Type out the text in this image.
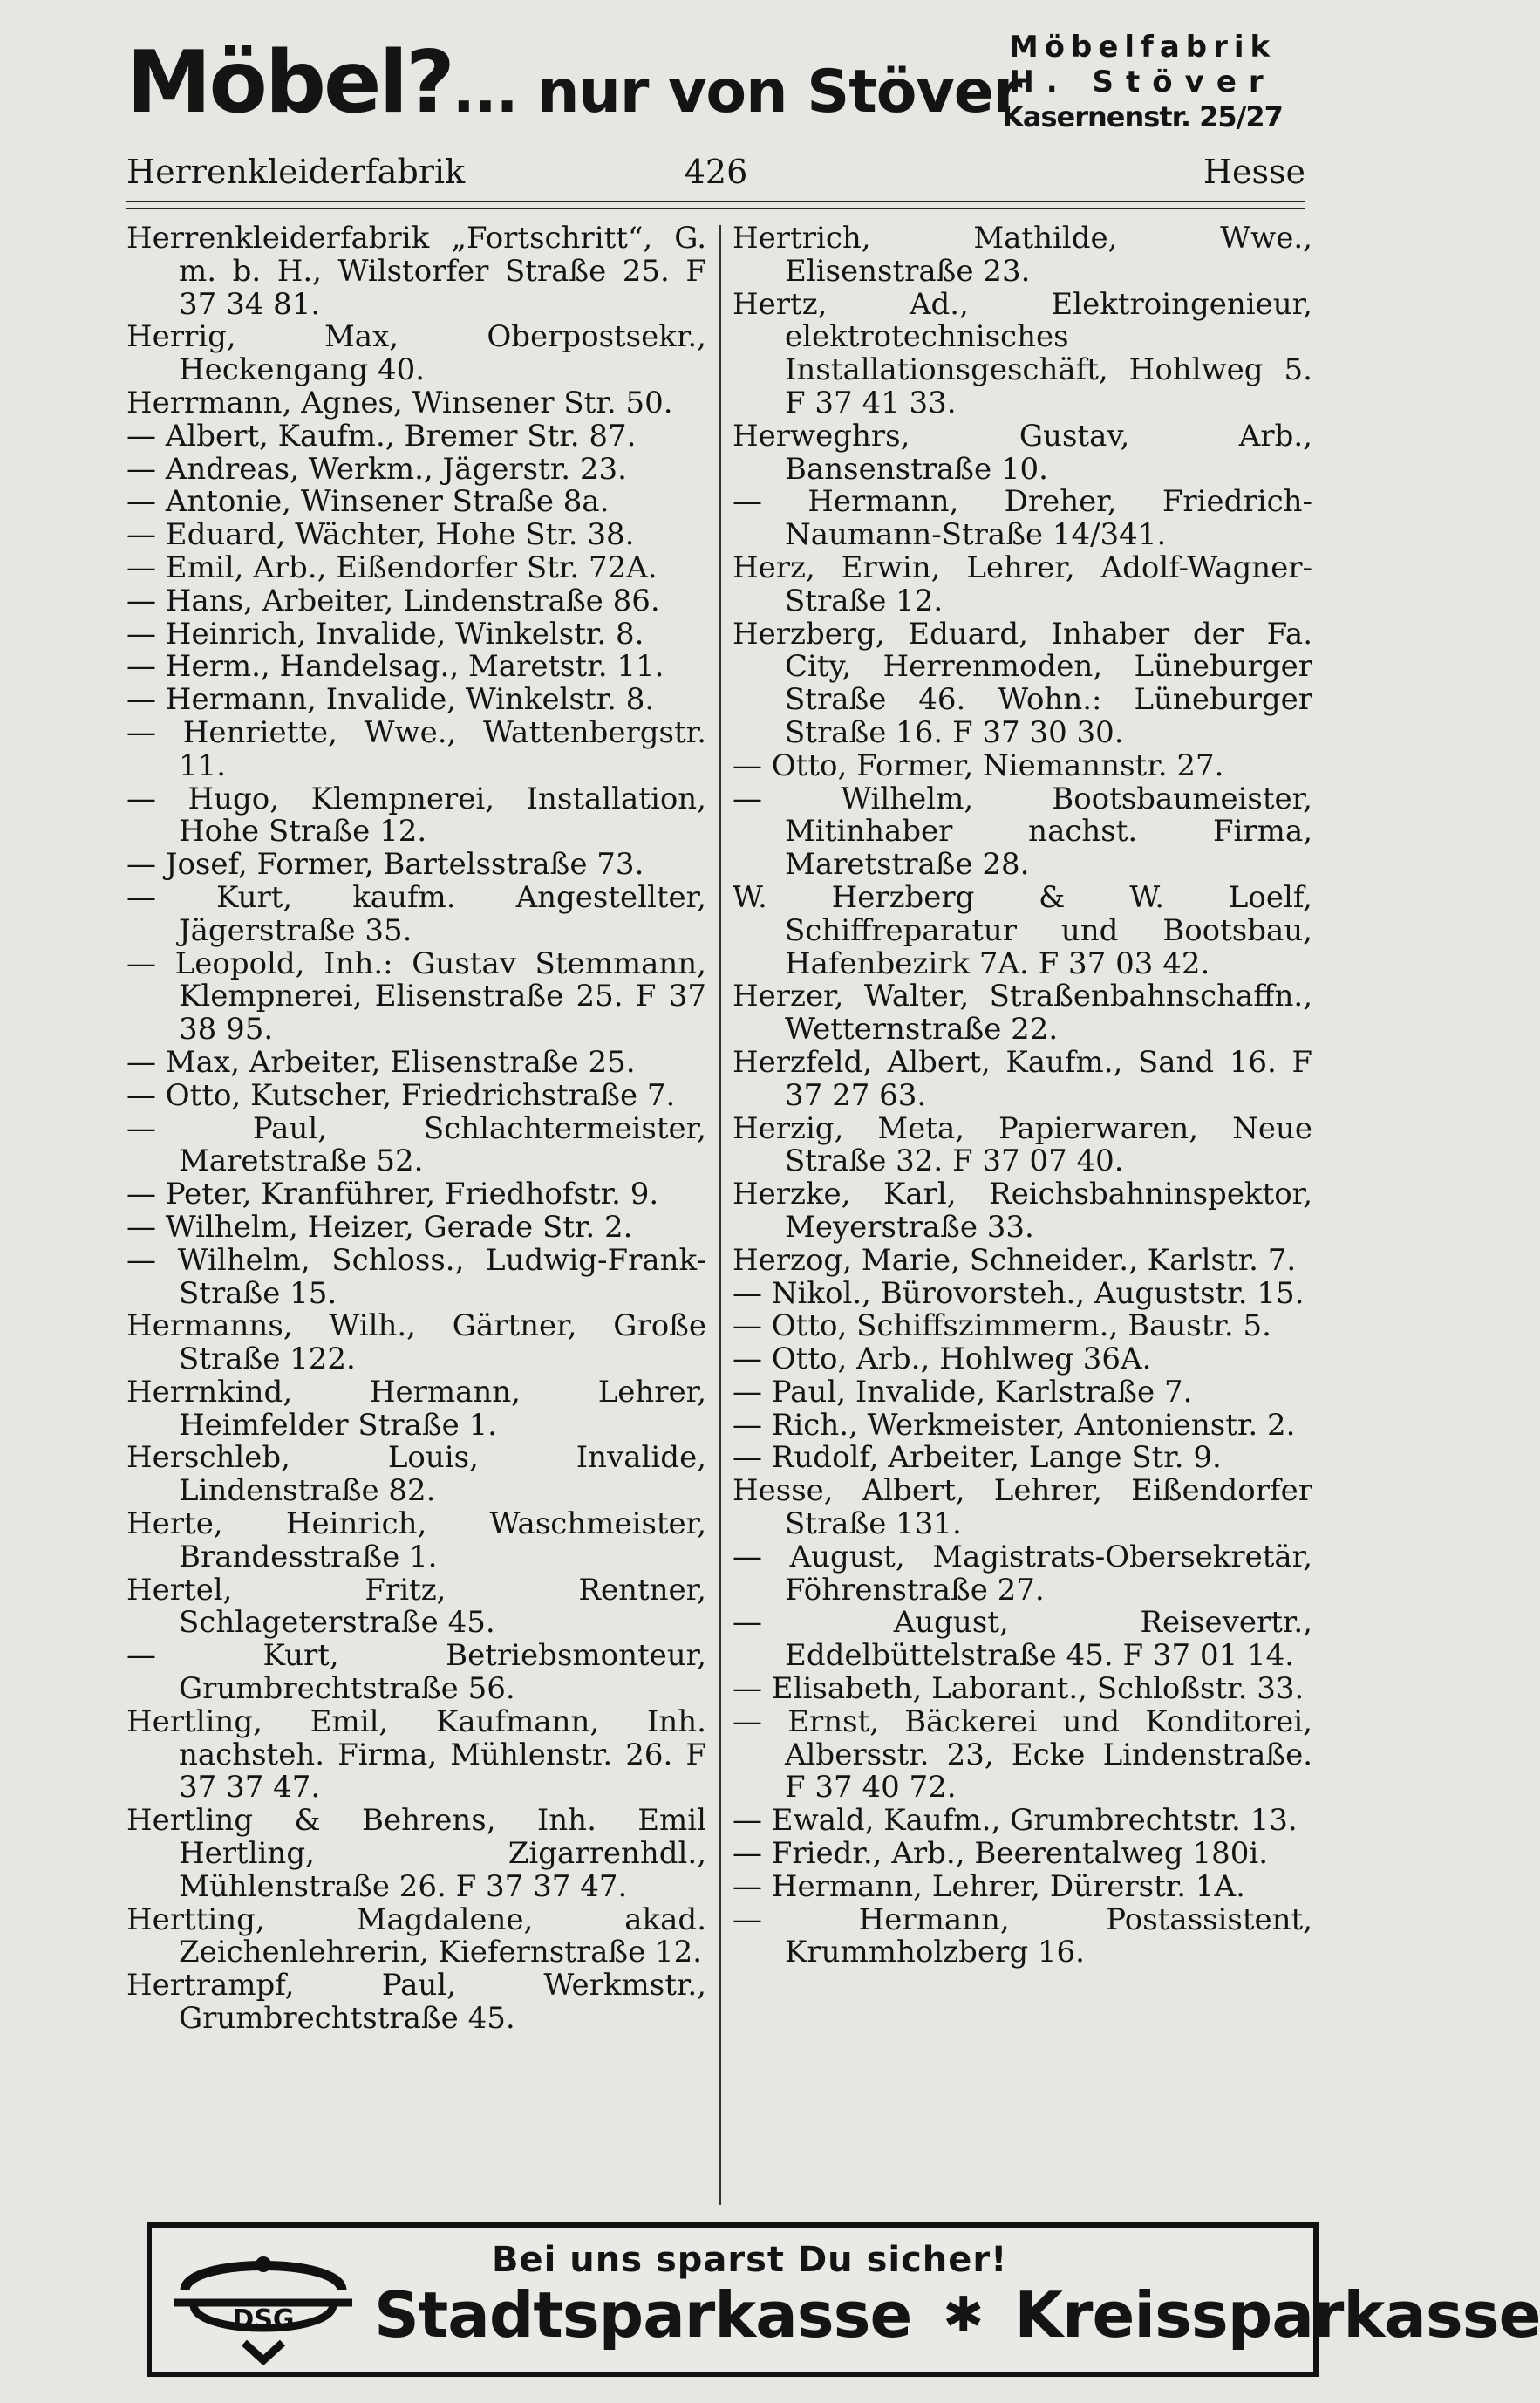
Möbel?... nur von Stöver
Möbelfabrik
H. Stöver
Kasernenstr. 25/27
Herrenkleiderfabrik	426	Hesse

Herrenkleiderfabrik „Fortschritt“, G. m. b. H., Wilstorfer Straße 25. F 37 34 81.

Herrig, Max, Oberpostsekr., Heckengang 40.

Herrmann, Agnes, Winsener Str. 50.

— Albert, Kaufm., Bremer Str. 87.

— Andreas, Werkm., Jägerstr. 23.

— Antonie, Winsener Straße 8a.

— Eduard, Wächter, Hohe Str. 38.

— Emil, Arb., Eißendorfer Str. 72A.

— Hans, Arbeiter, Lindenstraße 86.

— Heinrich, Invalide, Winkelstr. 8.

— Herm., Handelsag., Maretstr. 11.

— Hermann, Invalide, Winkelstr. 8.

— Henriette, Wwe., Wattenbergstr. 11.

— Hugo, Klempnerei, Installation, Hohe Straße 12.

— Josef, Former, Bartelsstraße 73.

— Kurt, kaufm. Angestellter, Jägerstraße 35.

— Leopold, Inh.: Gustav Stemmann, Klempnerei, Elisenstraße 25. F 37 38 95.

— Max, Arbeiter, Elisenstraße 25.

— Otto, Kutscher, Friedrichstraße 7.

— Paul, Schlachtermeister, Maretstraße 52.

— Peter, Kranführer, Friedhofstr. 9.

— Wilhelm, Heizer, Gerade Str. 2.

— Wilhelm, Schloss., Ludwig-Frank-Straße 15.

Hermanns, Wilh., Gärtner, Große Straße 122.

Herrnkind, Hermann, Lehrer, Heimfelder Straße 1.

Herschleb, Louis, Invalide, Lindenstraße 82.

Herte, Heinrich, Waschmeister, Brandesstraße 1.

Hertel, Fritz, Rentner, Schlageterstraße 45.

— Kurt, Betriebsmonteur, Grumbrechtstraße 56.

Hertling, Emil, Kaufmann, Inh. nachsteh. Firma, Mühlenstr. 26. F 37 37 47.

Hertling & Behrens, Inh. Emil Hertling, Zigarrenhdl., Mühlenstraße 26. F 37 37 47.

Hertting, Magdalene, akad. Zeichenlehrerin, Kiefernstraße 12.

Hertrampf, Paul, Werkmstr., Grumbrechtstraße 45.

Hertrich, Mathilde, Wwe., Elisenstraße 23.

Hertz, Ad., Elektroingenieur, elektrotechnisches Installationsgeschäft, Hohlweg 5. F 37 41 33.

Herweghrs, Gustav, Arb., Bansenstraße 10.

— Hermann, Dreher, Friedrich-Naumann-Straße 14/341.

Herz, Erwin, Lehrer, Adolf-Wagner-Straße 12.

Herzberg, Eduard, Inhaber der Fa. City, Herrenmoden, Lüneburger Straße 46. Wohn.: Lüneburger Straße 16. F 37 30 30.

— Otto, Former, Niemannstr. 27.

— Wilhelm, Bootsbaumeister, Mitinhaber nachst. Firma, Maretstraße 28.

W. Herzberg & W. Loelf, Schiffreparatur und Bootsbau, Hafenbezirk 7A. F 37 03 42.

Herzer, Walter, Straßenbahnschaffn., Wetternstraße 22.

Herzfeld, Albert, Kaufm., Sand 16. F 37 27 63.

Herzig, Meta, Papierwaren, Neue Straße 32. F 37 07 40.

Herzke, Karl, Reichsbahninspektor, Meyerstraße 33.

Herzog, Marie, Schneider., Karlstr. 7.

— Nikol., Bürovorsteh., Auguststr. 15.

— Otto, Schiffszimmerm., Baustr. 5.

— Otto, Arb., Hohlweg 36A.

— Paul, Invalide, Karlstraße 7.

— Rich., Werkmeister, Antonienstr. 2.

— Rudolf, Arbeiter, Lange Str. 9.

Hesse, Albert, Lehrer, Eißendorfer Straße 131.

— August, Magistrats-Obersekretär, Föhrenstraße 27.

— August, Reisevertr., Eddelbüttelstraße 45. F 37 01 14.

— Elisabeth, Laborant., Schloßstr. 33.

— Ernst, Bäckerei und Konditorei, Albersstr. 23, Ecke Lindenstraße. F 37 40 72.

— Ewald, Kaufm., Grumbrechtstr. 13.

— Friedr., Arb., Beerentalweg 180i.

— Hermann, Lehrer, Dürerstr. 1A.

— Hermann, Postassistent, Krummholzberg 16.

DSG
Bei uns sparst Du sicher!
Stadtsparkasse ✱ Kreissparkasse
